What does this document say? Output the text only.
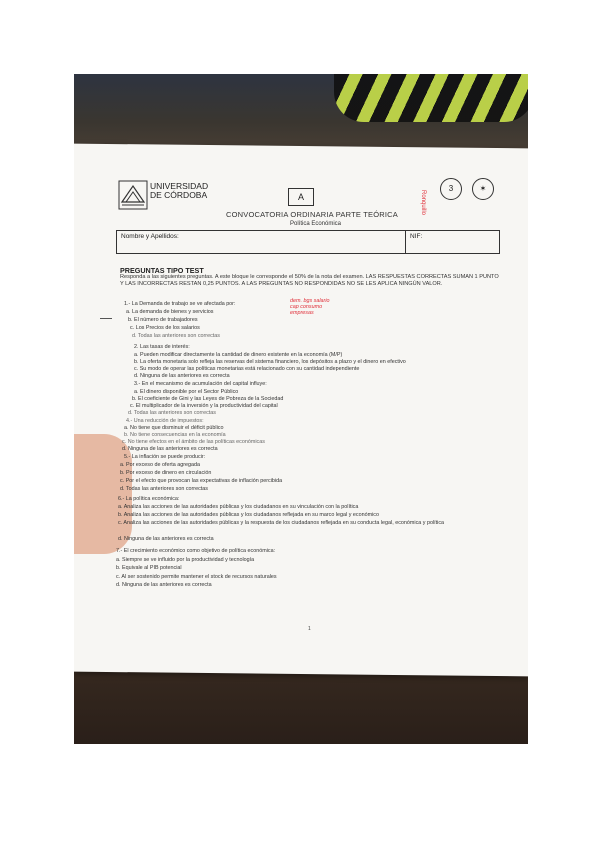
UNIVERSIDAD DE CÓRDOBA	A	Ronquillo
3	✶
CONVOCATORIA ORDINARIA PARTE TEÓRICA
Política Económica
Nombre y Apellidos:	NIF:
PREGUNTAS TIPO TEST
Responda a las siguientes preguntas. A este bloque le corresponde el 50% de la nota del examen. LAS RESPUESTAS CORRECTAS SUMAN 1 PUNTO Y LAS INCORRECTAS RESTAN 0,25 PUNTOS. A LAS PREGUNTAS NO RESPONDIDAS NO SE LES APLICA NINGÚN VALOR.
dem. bgs salario cap consumo empresas
1.- La Demanda de trabajo se ve afectada por:
a. La demanda de bienes y servicios
b. El número de trabajadores
c. Los Precios de los salarios
d. Todas las anteriores son correctas
2. Las tasas de interés:
a. Pueden modificar directamente la cantidad de dinero existente en la economía (M/P)
b. La oferta monetaria solo refleja las reservas del sistema financiero, los depósitos a plazo y el dinero en efectivo
c. Su modo de operar las políticas monetarias está relacionado con su cantidad independiente
d. Ninguna de las anteriores es correcta
3.- En el mecanismo de acumulación del capital influye:
a. El dinero disponible por el Sector Público
b. El coeficiente de Gini y las Leyes de Pobreza de la Sociedad
c. El multiplicador de la inversión y la productividad del capital
d. Todas las anteriores son correctas
4.- Una reducción de impuestos:
a. No tiene que disminuir el déficit público
b. No tiene consecuencias en la economía
c. No tiene efectos en el ámbito de las políticas económicas
d. Ninguna de las anteriores es correcta
5.- La inflación se puede producir:
a. Por exceso de oferta agregada
b. Por exceso de dinero en circulación
c. Por el efecto que provocan las expectativas de inflación percibida
d. Todas las anteriores son correctas
6.- La política económica:
a. Analiza las acciones de las autoridades públicas y los ciudadanos en su vinculación con la política
b. Analiza las acciones de las autoridades públicas y los ciudadanos reflejada en su marco legal y económico
c. Analiza las acciones de las autoridades públicas y la respuesta de los ciudadanos reflejada en su conducta legal, económica y política
d. Ninguna de las anteriores es correcta
7.- El crecimiento económico como objetivo de política económica:
a. Siempre se ve influido por la productividad y tecnología
b. Equivale al PIB potencial
c. Al ser sostenido permite mantener el stock de recursos naturales
d. Ninguna de las anteriores es correcta
1
